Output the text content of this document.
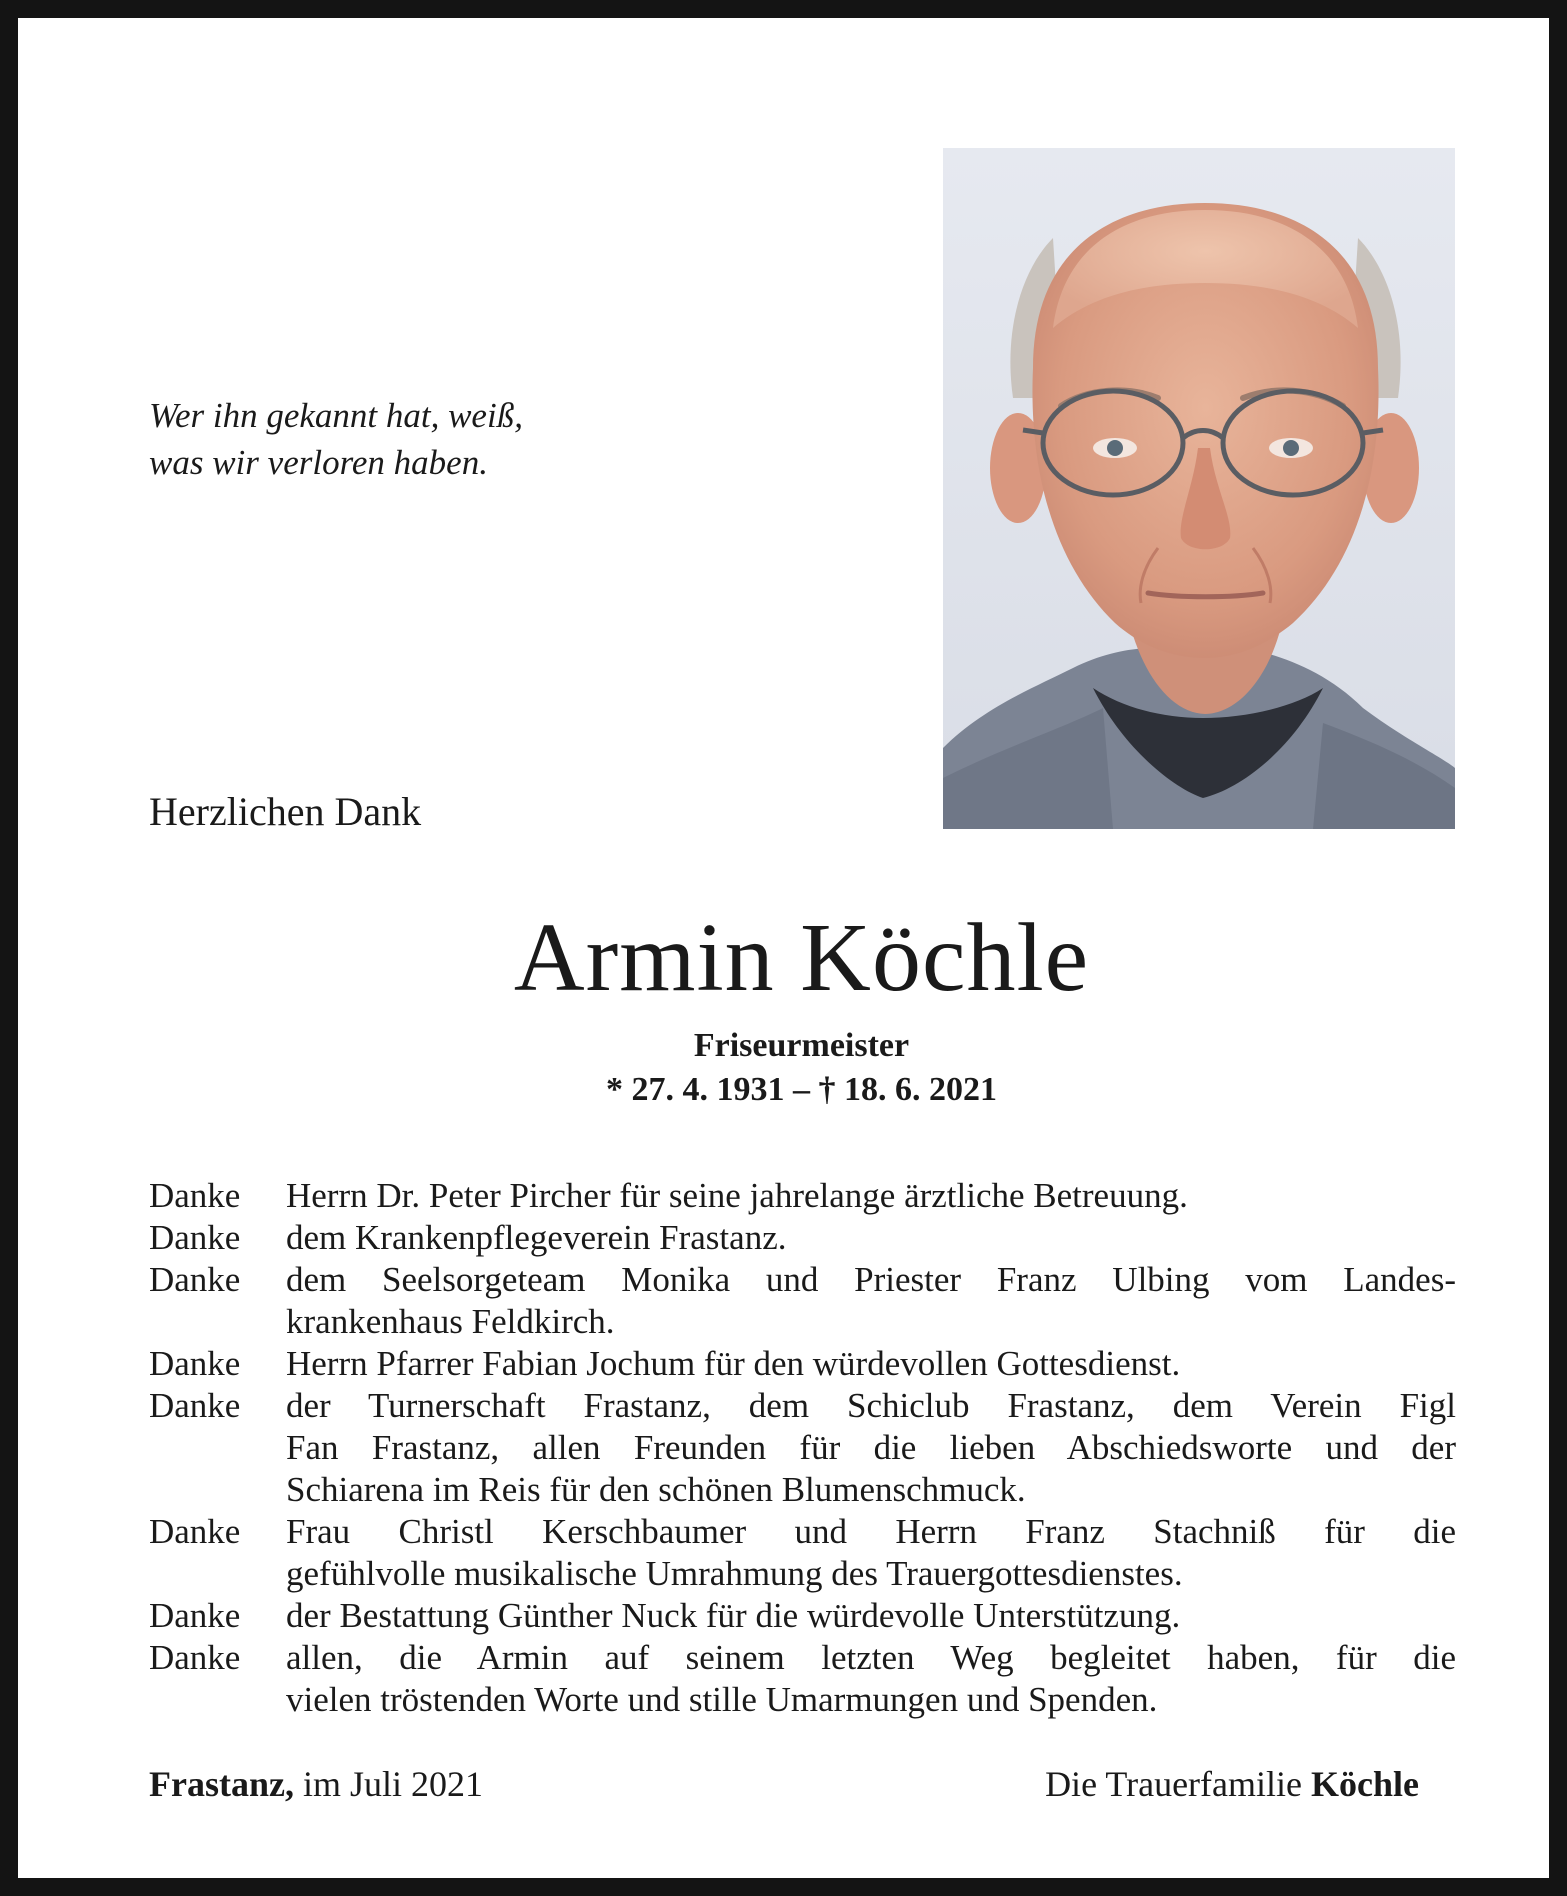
Wer ihn gekannt hat, weiß,
was wir verloren haben.
Herzlichen Dank
Armin Köchle
Friseurmeister
* 27. 4. 1931 – † 18. 6. 2021
Danke	Herrn Dr. Peter Pircher für seine jahrelange ärztliche Betreuung.
Danke	dem Krankenpflegeverein Frastanz.
Danke	dem Seelsorgeteam Monika und Priester Franz Ulbing vom Landes-
krankenhaus Feldkirch.
Danke	Herrn Pfarrer Fabian Jochum für den würdevollen Gottesdienst.
Danke	der Turnerschaft Frastanz, dem Schiclub Frastanz, dem Verein Figl
Fan Frastanz, allen Freunden für die lieben Abschiedsworte und der
Schiarena im Reis für den schönen Blumenschmuck.
Danke	Frau Christl Kerschbaumer und Herrn Franz Stachniß für die
gefühlvolle musikalische Umrahmung des Trauergottesdienstes.
Danke	der Bestattung Günther Nuck für die würdevolle Unterstützung.
Danke	allen, die Armin auf seinem letzten Weg begleitet haben, für die
vielen tröstenden Worte und stille Umarmungen und Spenden.
Frastanz, im Juli 2021	Die Trauerfamilie Köchle
